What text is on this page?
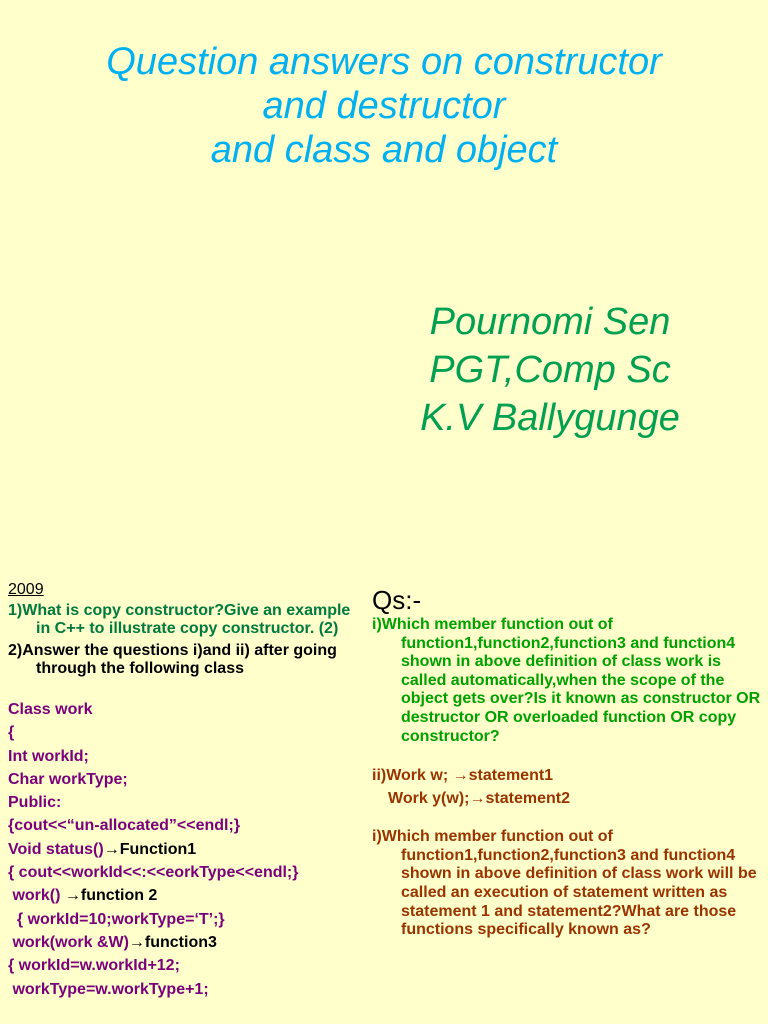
Question answers on constructor
and destructor
and class and object
Pournomi Sen
PGT,Comp Sc
K.V Ballygunge
2009
1)What is copy constructor?Give an example in C++ to illustrate copy constructor. (2)
2)Answer the questions i)and ii) after going through the following class
Class work
{
Int workId;
Char workType;
Public:
{cout<<“un-allocated”<<endl;}
Void status()→Function1
{ cout<<workId<<:<<eorkType<<endl;}
work() →function 2
{ workId=10;workType=‘T’;}
work(work &W)→function3
{ workId=w.workId+12;
workType=w.workType+1;
Qs:-
i)Which member function out of function1,function2,function3 and function4 shown in above definition of class work is called automatically,when the scope of the object gets over?Is it known as constructor OR destructor OR overloaded function OR copy constructor?
ii)Work w; →statement1
Work y(w);→statement2
i)Which member function out of function1,function2,function3 and function4 shown in above definition of class work will be called an execution of statement written as statement 1 and statement2?What are those functions specifically known as?
